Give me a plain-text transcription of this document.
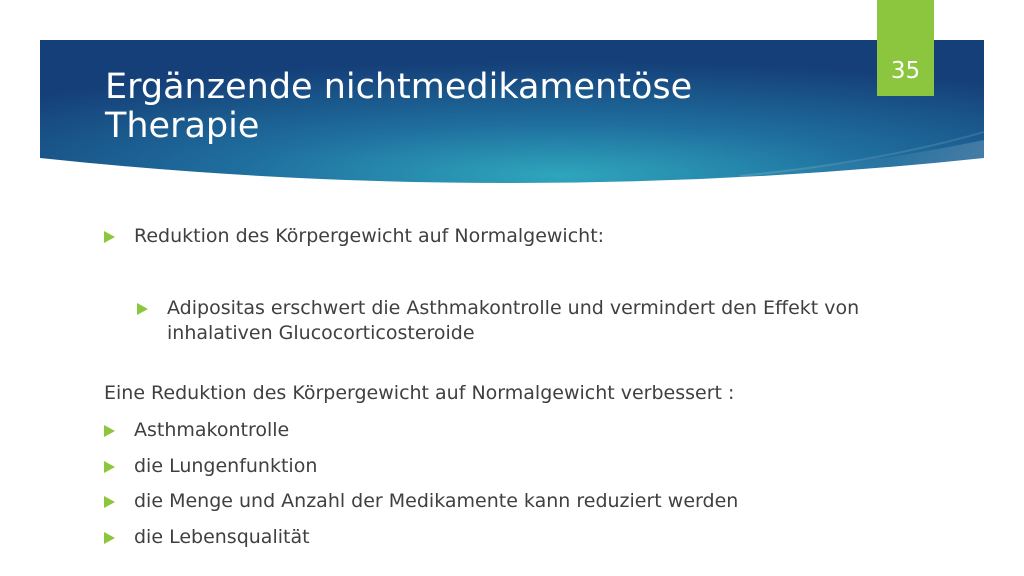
Ergänzende nichtmedikamentöse Therapie
35
Reduktion des Körpergewicht auf Normalgewicht:
Adipositas erschwert die Asthmakontrolle und vermindert den Effekt von inhalativen Glucocorticosteroide
Eine Reduktion des Körpergewicht auf Normalgewicht verbessert :
Asthmakontrolle
die Lungenfunktion
die Menge und Anzahl der Medikamente kann reduziert werden
die Lebensqualität
